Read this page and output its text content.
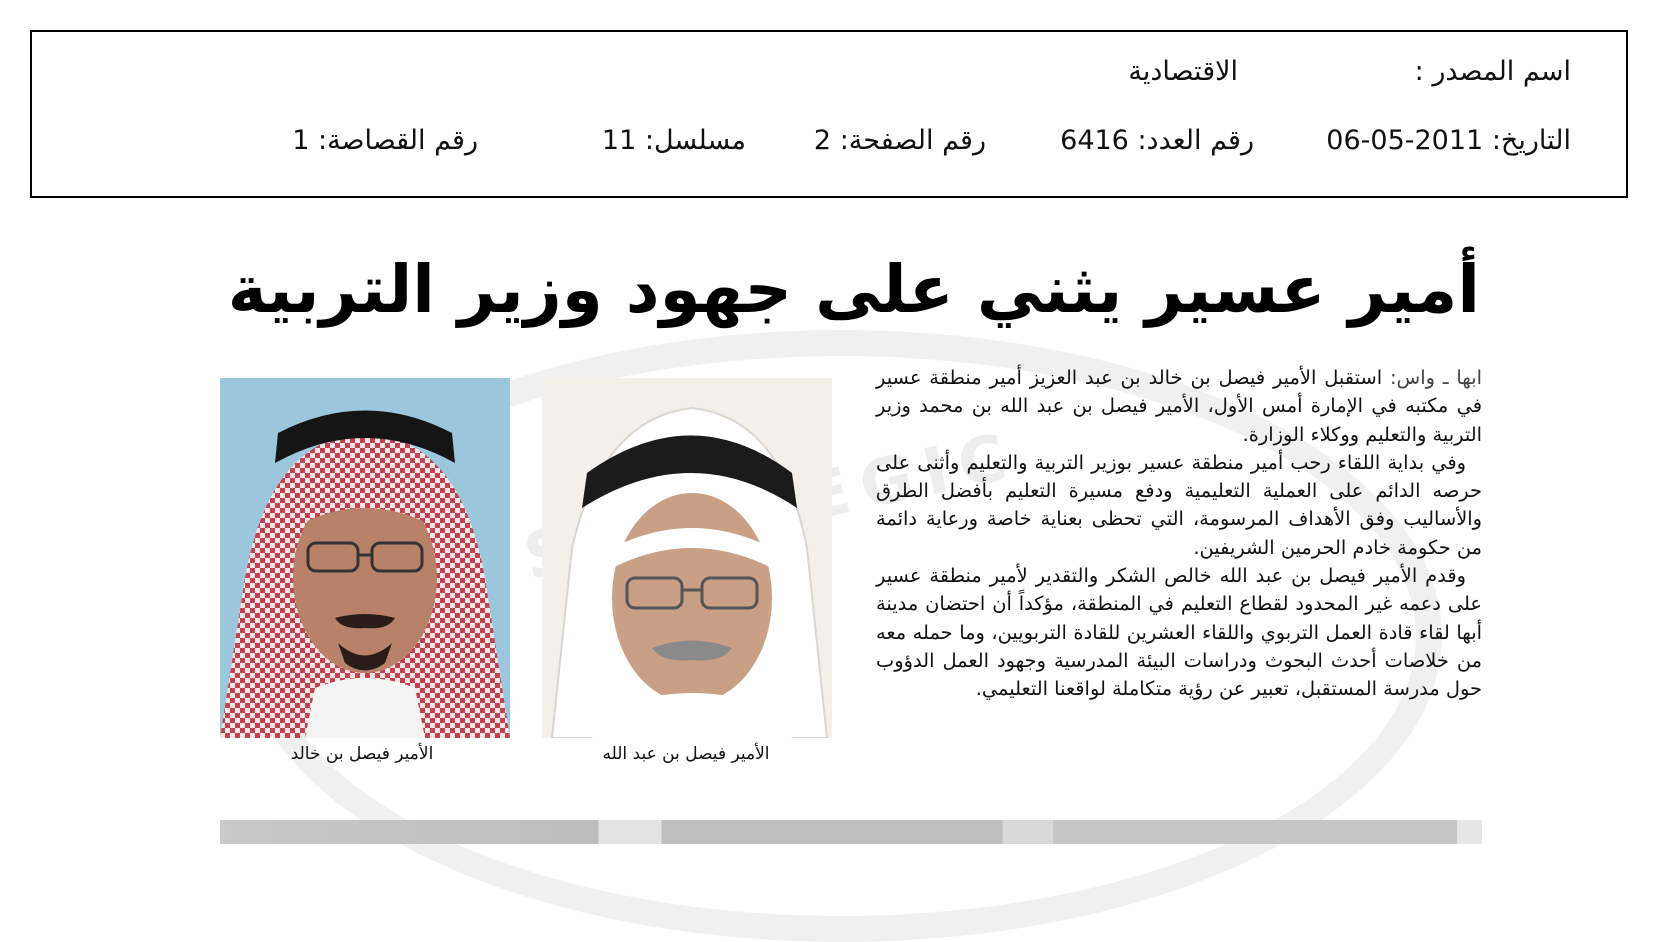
اسم المصدر :
الاقتصادية
التاريخ: 2011-05-06
رقم العدد: 6416
رقم الصفحة: 2
مسلسل: 11
رقم القصاصة: 1
أمير عسير يثني على جهود وزير التربية

ابها ـ واس: استقبل الأمير فيصل بن خالد بن عبد العزيز أمير منطقة عسير في مكتبه في الإمارة أمس الأول، الأمير فيصل بن عبد الله بن محمد وزير التربية والتعليم ووكلاء الوزارة.

وفي بداية اللقاء رحب أمير منطقة عسير بوزير التربية والتعليم وأثنى على حرصه الدائم على العملية التعليمية ودفع مسيرة التعليم بأفضل الطرق والأساليب وفق الأهداف المرسومة، التي تحظى بعناية خاصة ورعاية دائمة من حكومة خادم الحرمين الشريفين.

وقدم الأمير فيصل بن عبد الله خالص الشكر والتقدير لأمير منطقة عسير على دعمه غير المحدود لقطاع التعليم في المنطقة، مؤكداً أن احتضان مدينة أبها لقاء قادة العمل التربوي واللقاء العشرين للقادة التربويين، وما حمله معه من خلاصات أحدث البحوث ودراسات البيئة المدرسية وجهود العمل الدؤوب حول مدرسة المستقبل، تعبير عن رؤية متكاملة لواقعنا التعليمي.

الأمير فيصل بن عبد الله
الأمير فيصل بن خالد
